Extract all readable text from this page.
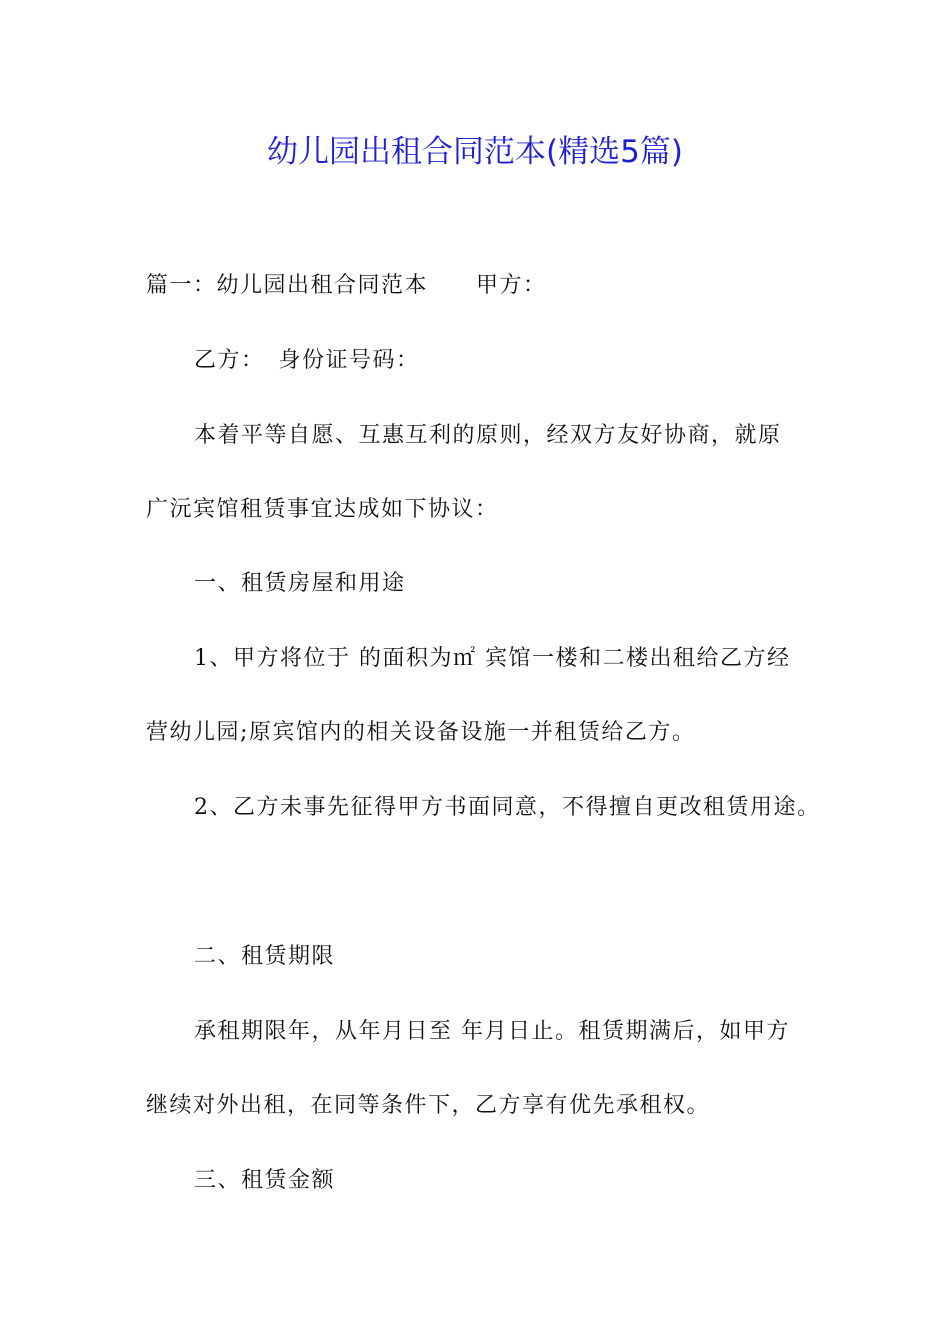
幼儿园出租合同范本(精选5篇)
篇一：幼儿园出租合同范本 甲方：
乙方： 身份证号码：
本着平等自愿、互惠互利的原则，经双方友好协商，就原
广沅宾馆租赁事宜达成如下协议：
一、租赁房屋和用途
1、甲方将位于 的面积为㎡ 宾馆一楼和二楼出租给乙方经
营幼儿园;原宾馆内的相关设备设施一并租赁给乙方。
2、乙方未事先征得甲方书面同意，不得擅自更改租赁用途。
二、租赁期限
承租期限年，从年月日至 年月日止。租赁期满后，如甲方
继续对外出租，在同等条件下，乙方享有优先承租权。
三、租赁金额
